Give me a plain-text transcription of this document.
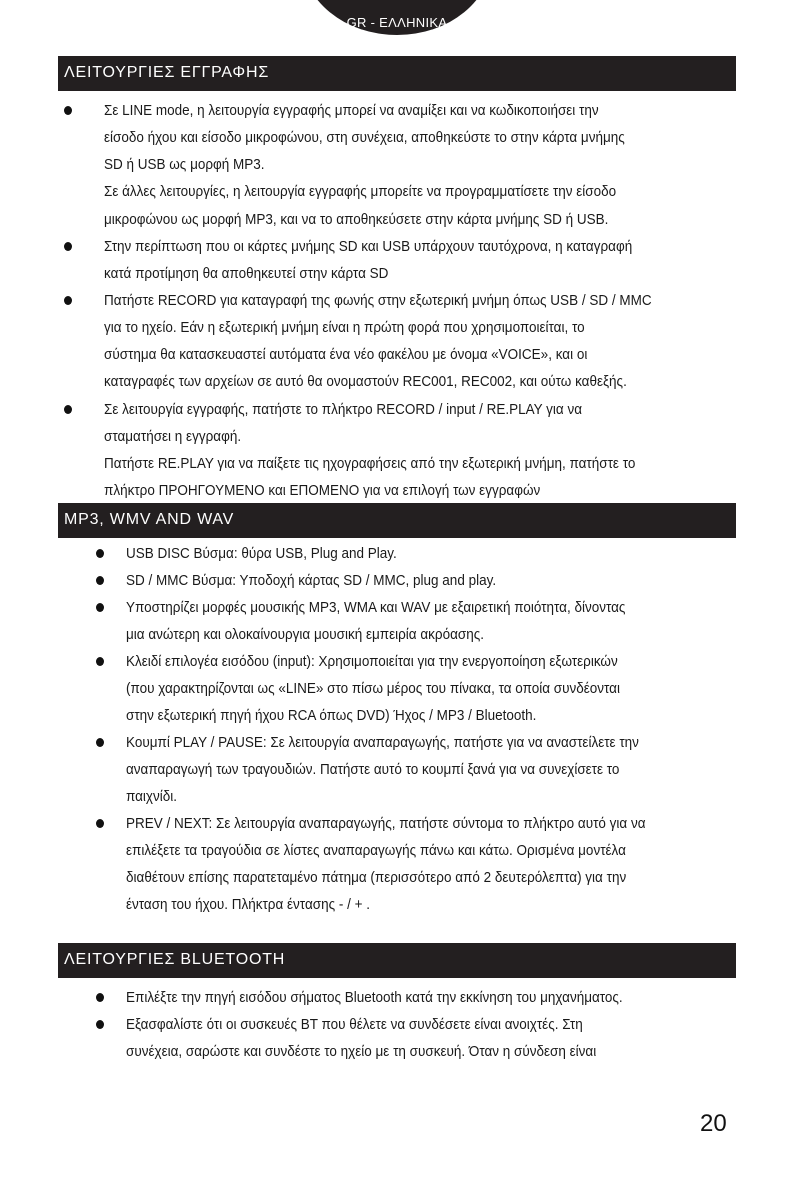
GR - ΕΛΛΗΝΙΚΑ
ΛΕΙΤΟΥΡΓΙΕΣ ΕΓΓΡΑΦΗΣ
Σε LINE mode, η λειτουργία εγγραφής μπορεί να αναμίξει και να κωδικοποιήσει την
είσοδο ήχου και είσοδο μικροφώνου, στη συνέχεια, αποθηκεύστε το στην κάρτα μνήμης
SD ή USB ως μορφή MP3.
Σε άλλες λειτουργίες, η λειτουργία εγγραφής μπορείτε να προγραμματίσετε την είσοδο
μικροφώνου ως μορφή MP3, και να το αποθηκεύσετε στην κάρτα μνήμης SD ή USB.
Στην περίπτωση που οι κάρτες μνήμης SD και USB υπάρχουν ταυτόχρονα, η καταγραφή
κατά προτίμηση θα αποθηκευτεί στην κάρτα SD
Πατήστε RECORD για καταγραφή της φωνής στην εξωτερική μνήμη όπως USB / SD / MMC
για το ηχείο. Εάν η εξωτερική μνήμη είναι η πρώτη φορά που χρησιμοποιείται, το
σύστημα θα κατασκευαστεί αυτόματα ένα νέο φακέλου με όνομα «VOICE», και οι
καταγραφές των αρχείων σε αυτό θα ονομαστούν REC001, REC002, και ούτω καθεξής.
Σε λειτουργία εγγραφής, πατήστε το πλήκτρο RECORD / input / RE.PLAY για να
σταματήσει η εγγραφή.
Πατήστε RE.PLAY για να παίξετε τις ηχογραφήσεις από την εξωτερική μνήμη, πατήστε το
πλήκτρο ΠΡΟΗΓΟΥΜΕΝΟ και ΕΠΟΜΕΝΟ για να επιλογή των εγγραφών
MP3, WMV AND WAV
USB DISC Βύσμα: θύρα USB, Plug and Play.
SD / MMC Βύσμα: Υποδοχή κάρτας SD / MMC, plug and play.
Υποστηρίζει μορφές μουσικής MP3, WMA και WAV με εξαιρετική ποιότητα, δίνοντας
μια ανώτερη και ολοκαίνουργια μουσική εμπειρία ακρόασης.
Κλειδί επιλογέα εισόδου (input): Χρησιμοποιείται για την ενεργοποίηση εξωτερικών
(που χαρακτηρίζονται ως «LINE» στο πίσω μέρος του πίνακα, τα οποία συνδέονται
στην εξωτερική πηγή ήχου RCA όπως DVD) Ήχος / MP3 / Bluetooth.
Κουμπί PLAY / PAUSE: Σε λειτουργία αναπαραγωγής, πατήστε για να αναστείλετε την
αναπαραγωγή των τραγουδιών. Πατήστε αυτό το κουμπί ξανά για να συνεχίσετε το
παιχνίδι.
PREV / NEXT: Σε λειτουργία αναπαραγωγής, πατήστε σύντομα το πλήκτρο αυτό για να
επιλέξετε τα τραγούδια σε λίστες αναπαραγωγής πάνω και κάτω. Ορισμένα μοντέλα
διαθέτουν επίσης παρατεταμένο πάτημα (περισσότερο από 2 δευτερόλεπτα) για την
ένταση του ήχου. Πλήκτρα έντασης - / + .
ΛΕΙΤΟΥΡΓΙΕΣ BLUETOOTH
Επιλέξτε την πηγή εισόδου σήματος Bluetooth κατά την εκκίνηση του μηχανήματος.
Εξασφαλίστε ότι οι συσκευές BT που θέλετε να συνδέσετε είναι ανοιχτές. Στη
συνέχεια, σαρώστε και συνδέστε το ηχείο με τη συσκευή. Όταν η σύνδεση είναι
20
